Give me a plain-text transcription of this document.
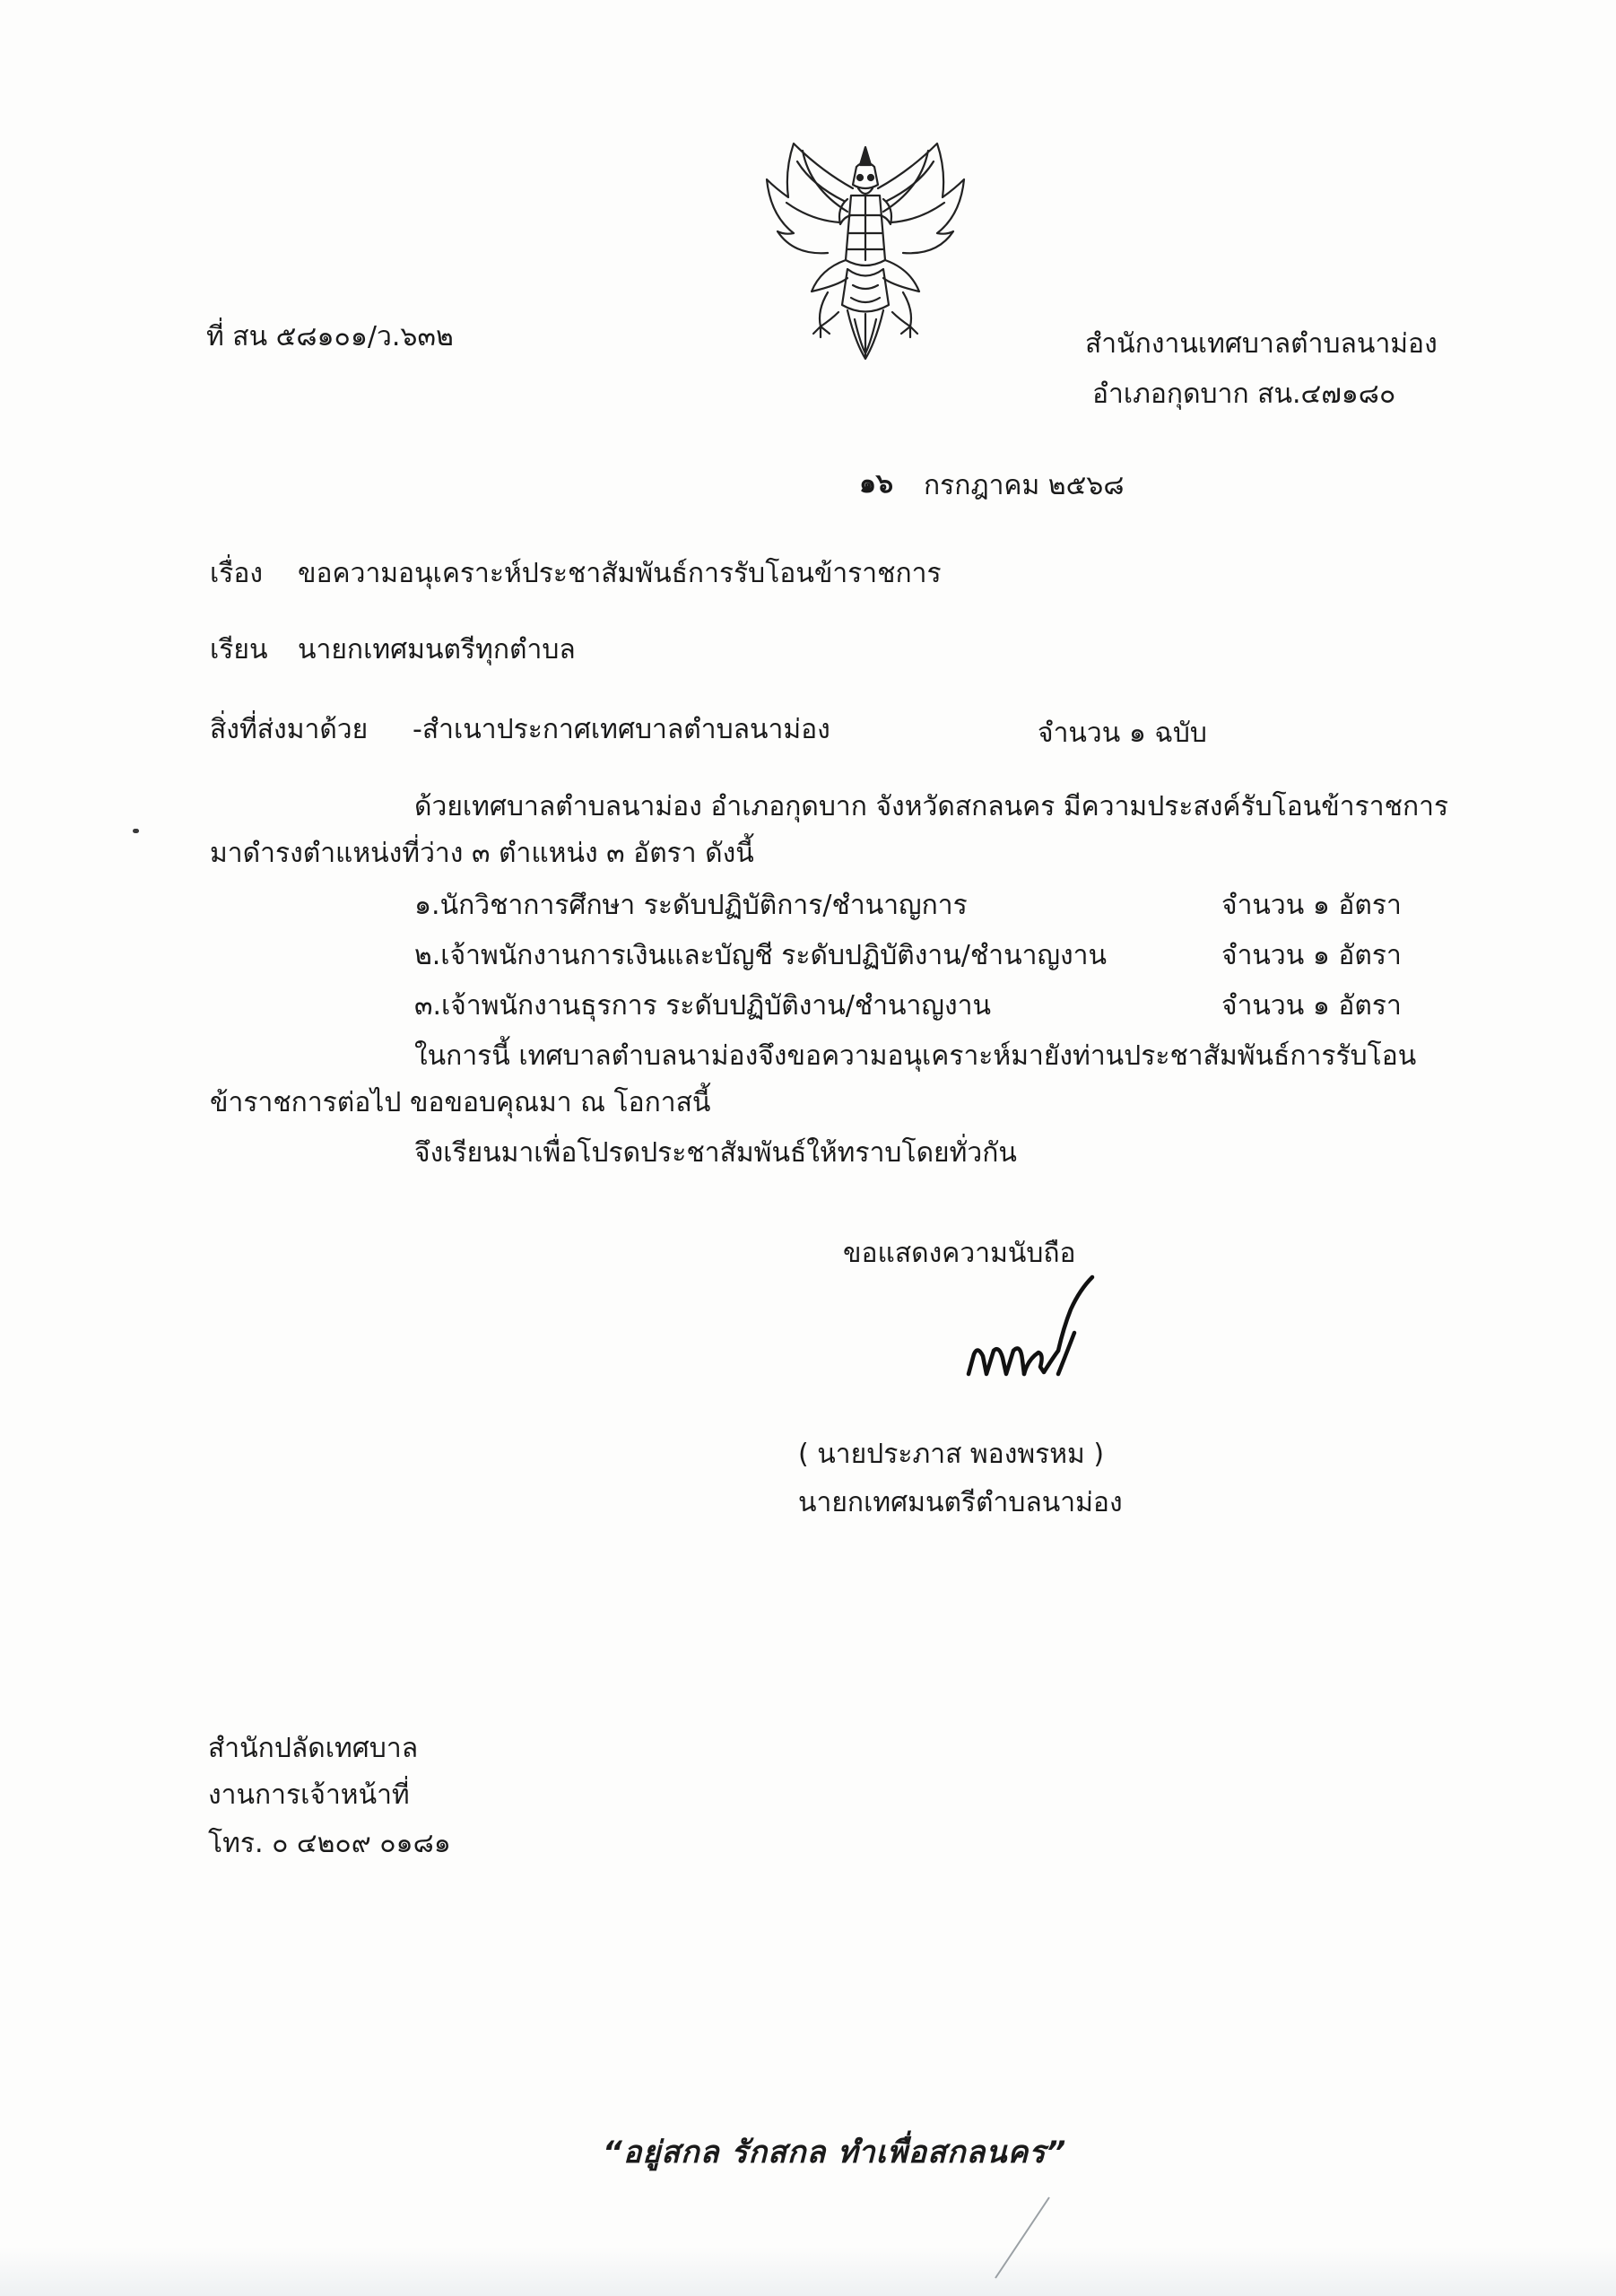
ที่ สน ๕๘๑๐๑/ว.๖๓๒	สำนักงานเทศบาลตำบลนาม่อง
อำเภอกุดบาก สน.๔๗๑๘๐
๑๖ กรกฎาคม ๒๕๖๘
เรื่อง ขอความอนุเคราะห์ประชาสัมพันธ์การรับโอนข้าราชการ
เรียน นายกเทศมนตรีทุกตำบล
สิ่งที่ส่งมาด้วย -สำเนาประกาศเทศบาลตำบลนาม่อง	จำนวน ๑ ฉบับ
ด้วยเทศบาลตำบลนาม่อง อำเภอกุดบาก จังหวัดสกลนคร มีความประสงค์รับโอนข้าราชการ
มาดำรงตำแหน่งที่ว่าง ๓ ตำแหน่ง ๓ อัตรา ดังนี้
๑.นักวิชาการศึกษา ระดับปฏิบัติการ/ชำนาญการ	จำนวน ๑ อัตรา
๒.เจ้าพนักงานการเงินและบัญชี ระดับปฏิบัติงาน/ชำนาญงาน	จำนวน ๑ อัตรา
๓.เจ้าพนักงานธุรการ ระดับปฏิบัติงาน/ชำนาญงาน	จำนวน ๑ อัตรา
ในการนี้ เทศบาลตำบลนาม่องจึงขอความอนุเคราะห์มายังท่านประชาสัมพันธ์การรับโอน
ข้าราชการต่อไป ขอขอบคุณมา ณ โอกาสนี้
จึงเรียนมาเพื่อโปรดประชาสัมพันธ์ให้ทราบโดยทั่วกัน
ขอแสดงความนับถือ
( นายประภาส พองพรหม )
นายกเทศมนตรีตำบลนาม่อง
สำนักปลัดเทศบาล
งานการเจ้าหน้าที่
โทร. ๐ ๔๒๐๙ ๐๑๘๑
“อยู่สกล รักสกล ทำเพื่อสกลนคร”
